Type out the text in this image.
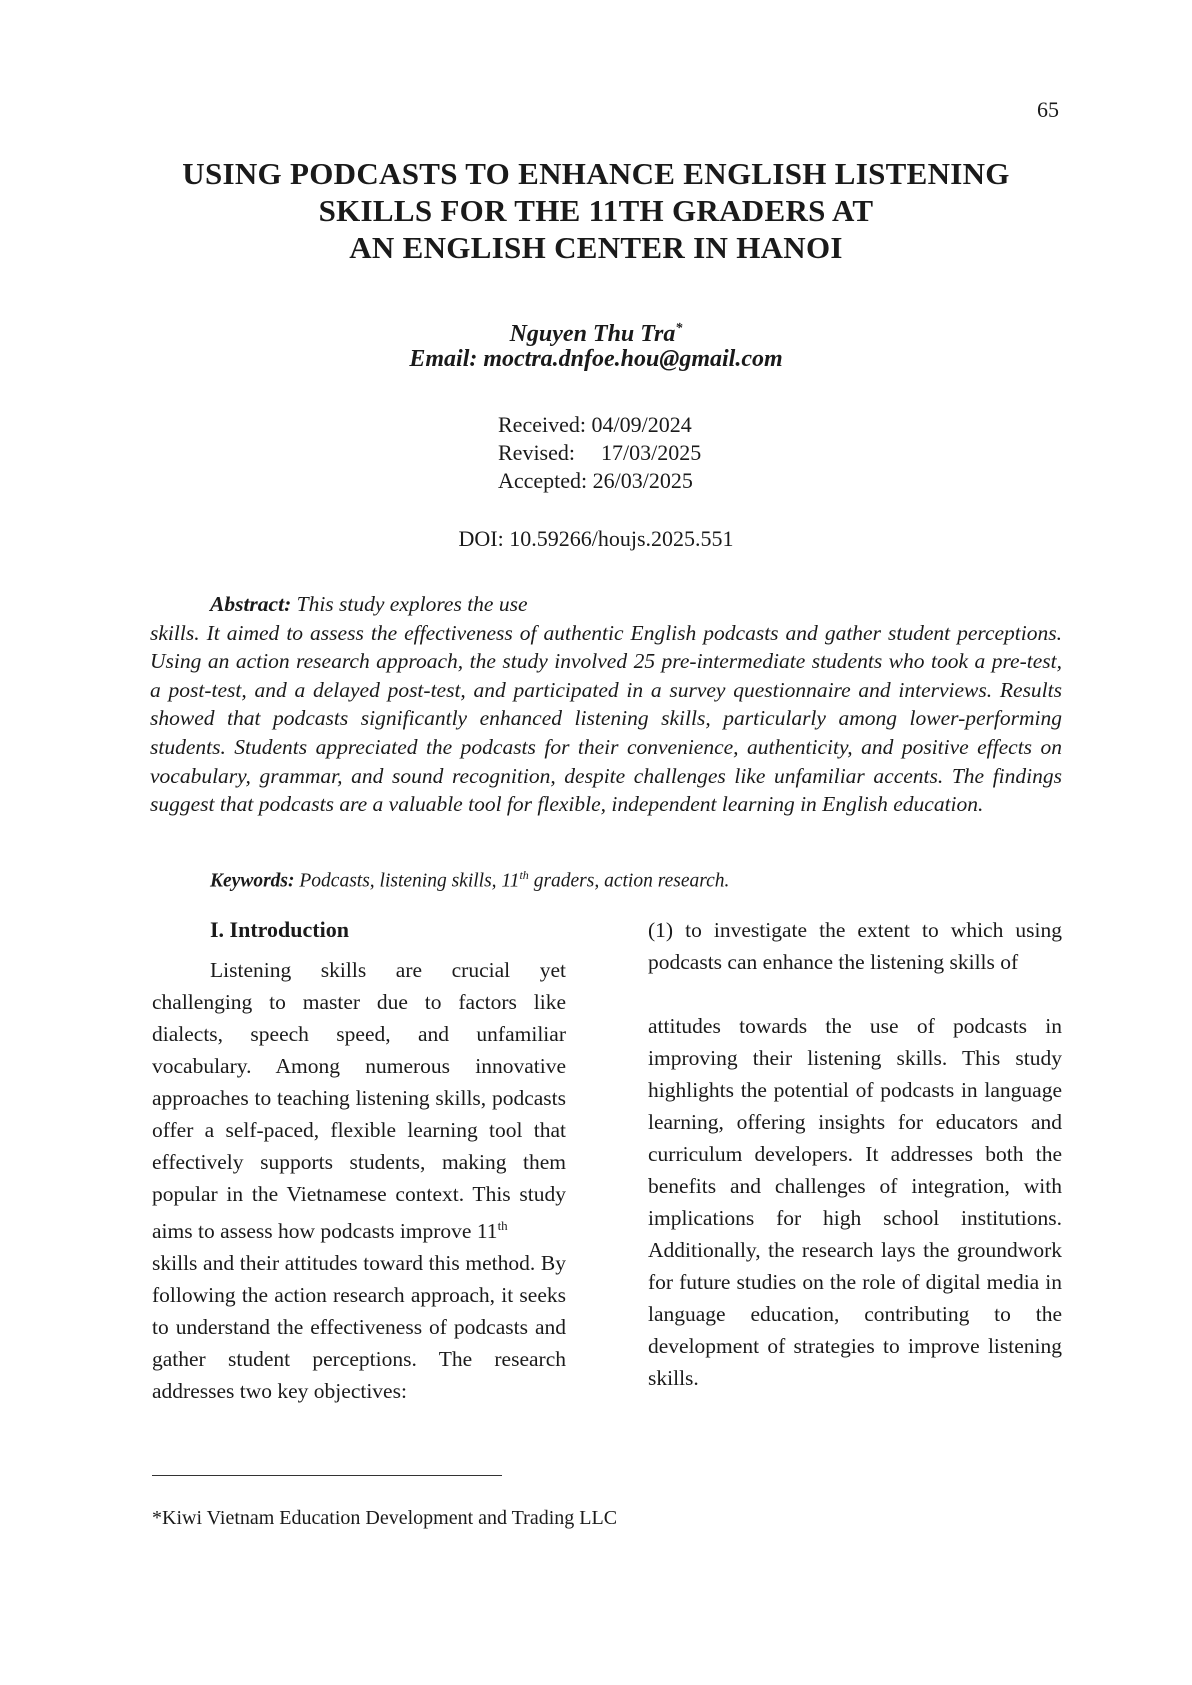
65
USING PODCASTS TO ENHANCE ENGLISH LISTENING
SKILLS FOR THE 11TH GRADERS AT
AN ENGLISH CENTER IN HANOI
Nguyen Thu Tra*
Email: moctra.dnfoe.hou@gmail.com
Received: 04/09/2024
Revised: 17/03/2025
Accepted: 26/03/2025
DOI: 10.59266/houjs.2025.551
Abstract: This study explores the use
skills. It aimed to assess the effectiveness of authentic English podcasts and gather student perceptions. Using an action research approach, the study involved 25 pre-intermediate students who took a pre-test, a post-test, and a delayed post-test, and participated in a survey questionnaire and interviews. Results showed that podcasts significantly enhanced listening skills, particularly among lower-performing students. Students appreciated the podcasts for their convenience, authenticity, and positive effects on vocabulary, grammar, and sound recognition, despite challenges like unfamiliar accents. The findings suggest that podcasts are a valuable tool for flexible, independent learning in English education.
Keywords: Podcasts, listening skills, 11th graders, action research.
I. Introduction

Listening skills are crucial yet challenging to master due to factors like dialects, speech speed, and unfamiliar vocabulary. Among numerous innovative approaches to teaching listening skills, podcasts offer a self-paced, flexible learning tool that effectively supports students, making them popular in the Vietnamese context. This study aims to assess how podcasts improve 11th

skills and their attitudes toward this method. By following the action research approach, it seeks to understand the effectiveness of podcasts and gather student perceptions. The research addresses two key objectives:

(1) to investigate the extent to which using podcasts can enhance the listening skills of

attitudes towards the use of podcasts in improving their listening skills. This study highlights the potential of podcasts in language learning, offering insights for educators and curriculum developers. It addresses both the benefits and challenges of integration, with implications for high school institutions. Additionally, the research lays the groundwork for future studies on the role of digital media in language education, contributing to the development of strategies to improve listening skills.

*Kiwi Vietnam Education Development and Trading LLC
